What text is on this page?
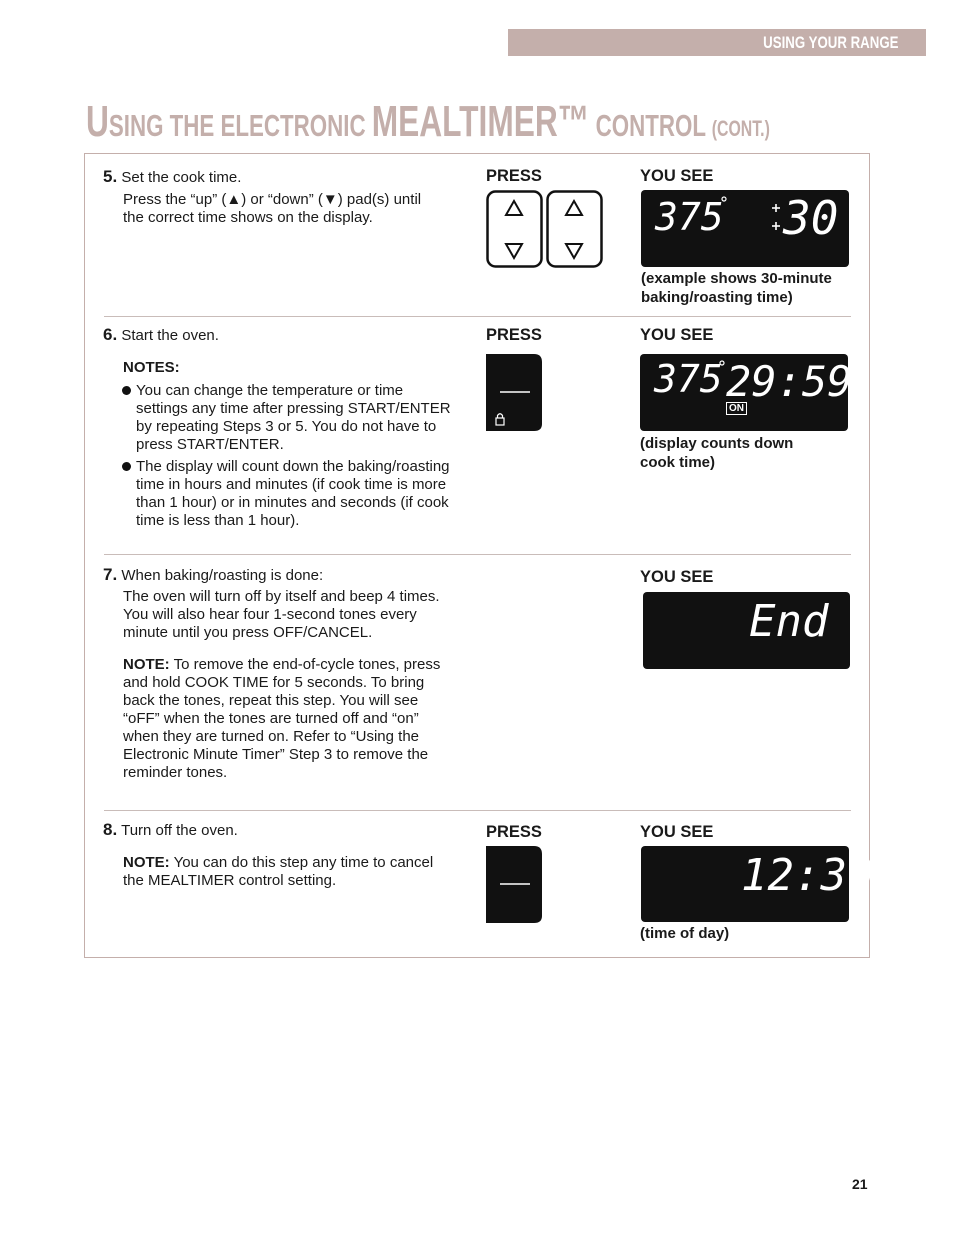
USING YOUR RANGE
USING THE ELECTRONIC MEALTIMER™ CONTROL (CONT.)
5. Set the cook time.
Press the “up” (▲) or “down” (▼) pad(s) until
the correct time shows on the display.
PRESS	YOU SEE
375 30
(example shows 30-minute
baking/roasting time)
6. Start the oven.
NOTES:
You can change the temperature or time
settings any time after pressing START/ENTER
by repeating Steps 3 or 5. You do not have to
press START/ENTER.
The display will count down the baking/roasting
time in hours and minutes (if cook time is more
than 1 hour) or in minutes and seconds (if cook
time is less than 1 hour).
PRESS	YOU SEE
375 29:59
ON
(display counts down
cook time)
7. When baking/roasting is done:
The oven will turn off by itself and beep 4 times.
You will also hear four 1-second tones every
minute until you press OFF/CANCEL.
NOTE: To remove the end-of-cycle tones, press
and hold COOK TIME for 5 seconds. To bring
back the tones, repeat this step. You will see
“oFF” when the tones are turned off and “on”
when they are turned on. Refer to “Using the
Electronic Minute Timer” Step 3 to remove the
reminder tones.
YOU SEE
End
8. Turn off the oven.
NOTE: You can do this step any time to cancel
the MEALTIMER control setting.
PRESS	YOU SEE
12:30
(time of day)
21
